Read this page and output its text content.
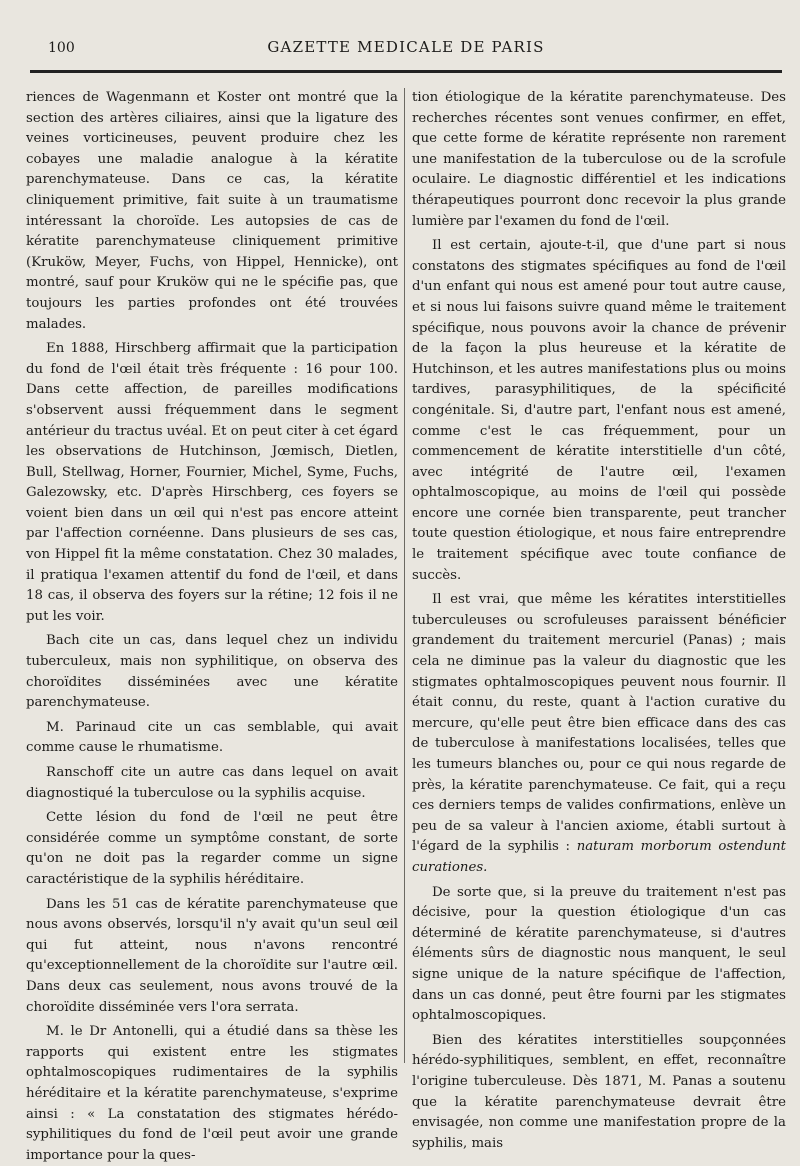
100	GAZETTE MEDICALE DE PARIS

riences de Wagenmann et Koster ont montré que la section des artères ciliaires, ainsi que la ligature des veines vorticineuses, peuvent produire chez les cobayes une maladie analogue à la kératite parenchymateuse. Dans ce cas, la kératite cliniquement primitive, fait suite à un traumatisme intéressant la choroïde. Les autopsies de cas de kératite parenchymateuse cliniquement primitive (Kruköw, Meyer, Fuchs, von Hippel, Hennicke), ont montré, sauf pour Kruköw qui ne le spécifie pas, que toujours les parties profondes ont été trouvées malades.

En 1888, Hirschberg affirmait que la participation du fond de l'œil était très fréquente : 16 pour 100. Dans cette affection, de pareilles modifications s'observent aussi fréquemment dans le segment antérieur du tractus uvéal. Et on peut citer à cet égard les observations de Hutchinson, Jœmisch, Dietlen, Bull, Stellwag, Horner, Fournier, Michel, Syme, Fuchs, Galezowsky, etc. D'après Hirschberg, ces foyers se voient bien dans un œil qui n'est pas encore atteint par l'affection cornéenne. Dans plusieurs de ses cas, von Hippel fit la même constatation. Chez 30 malades, il pratiqua l'examen attentif du fond de l'œil, et dans 18 cas, il observa des foyers sur la rétine; 12 fois il ne put les voir.

Bach cite un cas, dans lequel chez un individu tuberculeux, mais non syphilitique, on observa des choroïdites disséminées avec une kératite parenchymateuse.

M. Parinaud cite un cas semblable, qui avait comme cause le rhumatisme.

Ranschoff cite un autre cas dans lequel on avait diagnostiqué la tuberculose ou la syphilis acquise.

Cette lésion du fond de l'œil ne peut être considérée comme un symptôme constant, de sorte qu'on ne doit pas la regarder comme un signe caractéristique de la syphilis héréditaire.

Dans les 51 cas de kératite parenchymateuse que nous avons observés, lorsqu'il n'y avait qu'un seul œil qui fut atteint, nous n'avons rencontré qu'exceptionnellement de la choroïdite sur l'autre œil. Dans deux cas seulement, nous avons trouvé de la choroïdite disséminée vers l'ora serrata.

M. le Dr Antonelli, qui a étudié dans sa thèse les rapports qui existent entre les stigmates ophtalmoscopiques rudimentaires de la syphilis héréditaire et la kératite parenchymateuse, s'exprime ainsi : « La constatation des stigmates hérédo-syphilitiques du fond de l'œil peut avoir une grande importance pour la ques-

tion étiologique de la kératite parenchymateuse. Des recherches récentes sont venues confirmer, en effet, que cette forme de kératite représente non rarement une manifestation de la tuberculose ou de la scrofule oculaire. Le diagnostic différentiel et les indications thérapeutiques pourront donc recevoir la plus grande lumière par l'examen du fond de l'œil.

Il est certain, ajoute-t-il, que d'une part si nous constatons des stigmates spécifiques au fond de l'œil d'un enfant qui nous est amené pour tout autre cause, et si nous lui faisons suivre quand même le traitement spécifique, nous pouvons avoir la chance de prévenir de la façon la plus heureuse et la kératite de Hutchinson, et les autres manifestations plus ou moins tardives, parasyphilitiques, de la spécificité congénitale. Si, d'autre part, l'enfant nous est amené, comme c'est le cas fréquemment, pour un commencement de kératite interstitielle d'un côté, avec intégrité de l'autre œil, l'examen ophtalmoscopique, au moins de l'œil qui possède encore une cornée bien transparente, peut trancher toute question étiologique, et nous faire entreprendre le traitement spécifique avec toute confiance de succès.

Il est vrai, que même les kératites interstitielles tuberculeuses ou scrofuleuses paraissent bénéficier grandement du traitement mercuriel (Panas) ; mais cela ne diminue pas la valeur du diagnostic que les stigmates ophtalmoscopiques peuvent nous fournir. Il était connu, du reste, quant à l'action curative du mercure, qu'elle peut être bien efficace dans des cas de tuberculose à manifestations localisées, telles que les tumeurs blanches ou, pour ce qui nous regarde de près, la kératite parenchymateuse. Ce fait, qui a reçu ces derniers temps de valides confirmations, enlève un peu de sa valeur à l'ancien axiome, établi surtout à l'égard de la syphilis : naturam morborum ostendunt curationes.

De sorte que, si la preuve du traitement n'est pas décisive, pour la question étiologique d'un cas déterminé de kératite parenchymateuse, si d'autres éléments sûrs de diagnostic nous manquent, le seul signe unique de la nature spécifique de l'affection, dans un cas donné, peut être fourni par les stigmates ophtalmoscopiques.

Bien des kératites interstitielles soupçonnées hérédo-syphilitiques, semblent, en effet, reconnaître l'origine tuberculeuse. Dès 1871, M. Panas a soutenu que la kératite parenchymateuse devrait être envisagée, non comme une manifestation propre de la syphilis, mais
